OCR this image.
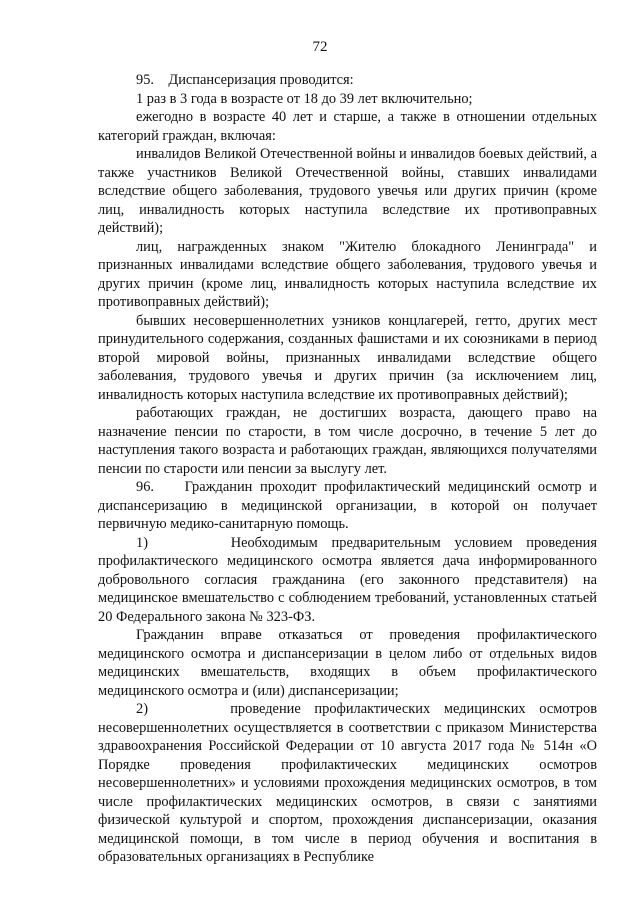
72

95.    Диспансеризация проводится:

1 раз в 3 года в возрасте от 18 до 39 лет включительно;

ежегодно в возрасте 40 лет и старше, а также в отношении отдельных категорий граждан, включая:

инвалидов Великой Отечественной войны и инвалидов боевых действий, а также участников Великой Отечественной войны, ставших инвалидами вследствие общего заболевания, трудового увечья или других причин (кроме лиц, инвалидность которых наступила вследствие их противоправных действий);

лиц, награжденных знаком "Жителю блокадного Ленинграда" и признанных инвалидами вследствие общего заболевания, трудового увечья и других причин (кроме лиц, инвалидность которых наступила вследствие их противоправных действий);

бывших несовершеннолетних узников концлагерей, гетто, других мест принудительного содержания, созданных фашистами и их союзниками в период второй мировой войны, признанных инвалидами вследствие общего заболевания, трудового увечья и других причин (за исключением лиц, инвалидность которых наступила вследствие их противоправных действий);

работающих граждан, не достигших возраста, дающего право на назначение пенсии по старости, в том числе досрочно, в течение 5 лет до наступления такого возраста и работающих граждан, являющихся получателями пенсии по старости или пенсии за выслугу лет.

96.    Гражданин проходит профилактический медицинский осмотр и диспансеризацию в медицинской организации, в которой он получает первичную медико-санитарную помощь.

1)      Необходимым предварительным условием проведения профилактического медицинского осмотра является дача информированного добровольного согласия гражданина (его законного представителя) на медицинское вмешательство с соблюдением требований, установленных статьей 20 Федерального закона № 323-ФЗ.

Гражданин вправе отказаться от проведения профилактического медицинского осмотра и диспансеризации в целом либо от отдельных видов медицинских вмешательств, входящих в объем профилактического медицинского осмотра и (или) диспансеризации;

2)      проведение профилактических медицинских осмотров несовершеннолетних осуществляется в соответствии с приказом Министерства здравоохранения Российской Федерации от 10 августа 2017 года № 514н «О Порядке проведения профилактических медицинских осмотров несовершеннолетних» и условиями прохождения медицинских осмотров, в том числе профилактических медицинских осмотров, в связи с занятиями физической культурой и спортом, прохождения диспансеризации, оказания медицинской помощи, в том числе в период обучения и воспитания в образовательных организациях в Республике
